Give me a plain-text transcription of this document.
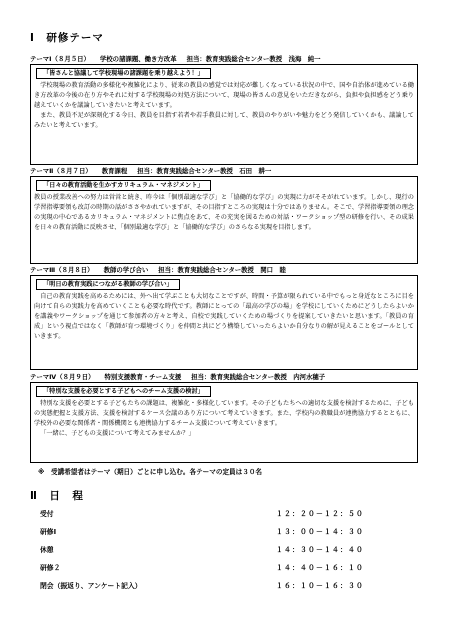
Ⅰ　研修テーマ
テーマⅠ（８月５日） 学校の諸課題、働き方改革 担当：教育実践総合センター教授　浅海　純一
「皆さんと協議して学校現場の諸課題を乗り越えよう！」

学校現場の教育活動の多様化や複雑化により、従来の教員の感覚では対応が難しくなっている状況の中で、国や自治体が進めている働き方改革の今後の在り方やそれに対する学校現場の対処方法について、現場の皆さんの意見をいただきながら、負担や負担感をどう乗り越えていくかを議論していきたいと考えています。

また、教員不足が深刻化する今日、教員を目指す若者や若手教員に対して、教員のやりがいや魅力をどう発信していくかも、議論してみたいと考えています。

テーマⅡ（８月７日） 教育課程 担当：教育実践総合センター教授　石田　耕一
「日々の教育活動を生かすカリキュラム・マネジメント」

教員の授業改善への努力は営営と続き、昨今は「個別最適な学び」と「協働的な学び」の実現に力がそそがれています。しかし、現行の学習指導要領も改訂の時期の話がささやかれていますが、その目指すところの実現は十分ではありません。そこで、学習指導要領の理念の実現の中心であるカリキュラム・マネジメントに焦点をあて、その充実を図るための対話・ワークショップ型の研修を行い、その成果を日々の教育活動に反映させ、「個別最適な学び」と「協働的な学び」のさらなる実現を目指します。

テーマⅢ（８月８日） 教師の学び合い 担当：教育実践総合センター教授　関口　睦
「明日の教育実践につながる教師の学び合い」

自己の教育実践を高めるためには、外へ出て学ぶことも大切なことですが、時間・予算が限られている中でもっと身近なところに目を向けて自らの実践力を高めていくことも必要な時代です。教師にとっての「最高の学びの場」を学校にしていくためにどうしたらよいかを講義やワークショップを通じて参加者の方々と考え、自校で実践していくための場づくりを提案していきたいと思います。「教員の育成」という視点ではなく「教師が育つ環境づくり」を仲間と共にどう構築していったらよいか自分なりの解が見えることをゴールとしていきます。

テーマⅣ（８月９日） 特別支援教育・チーム支援 担当：教育実践総合センター教授　内河水穂子
「特別な支援を必要とする子どもへのチーム支援の検討」

特別な支援を必要とする子どもたちの課題は、複雑化・多様化しています。その子どもたちへの適切な支援を検討するために、子どもの実態把握と支援方法、支援を検討するケース会議のあり方について考えていきます。また、学校内の教職員が連携協力するとともに、学校外の必要な関係者・関係機関とも連携協力するチーム支援について考えていきます。

「一緒に、子どもの支援について考えてみませんか？」

※　受講希望者はテーマ（期日）ごとに申し込む。各テーマの定員は３０名
Ⅱ　日　程
受付	１２：２０－１２：５０
研修Ⅰ	１３：００－１４：３０
休憩	１４：３０－１４：４０
研修２	１４：４０－１６：１０
閉会（振返り、アンケート記入）	１６：１０－１６：３０
